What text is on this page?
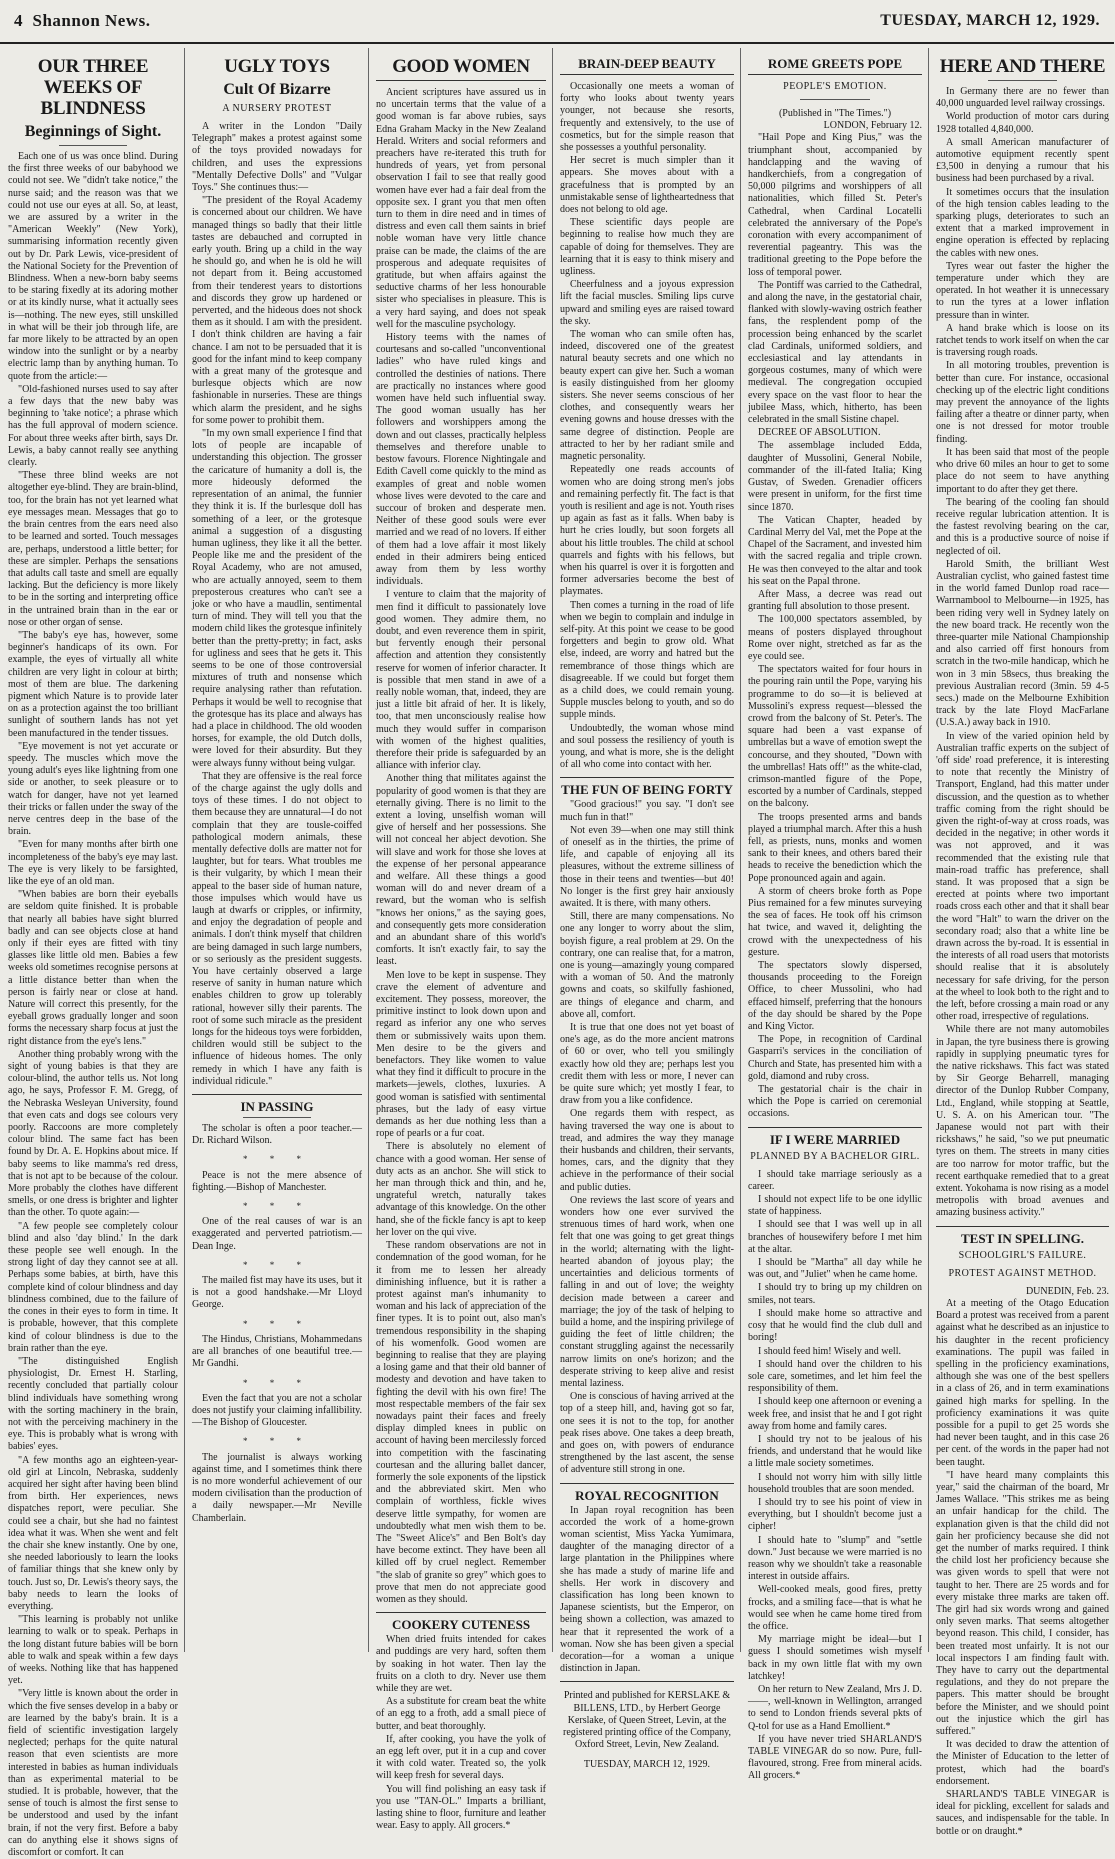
4 Shannon News.	TUESDAY, MARCH 12, 1929.
OUR THREE WEEKS OF BLINDNESS
Beginnings of Sight.

Each one of us was once blind. During the first three weeks of our babyhood we could not see. We "didn't take notice," the nurse said; and the reason was that we could not use our eyes at all. So, at least, we are assured by a writer in the "American Weekly" (New York), summarising information recently given out by Dr. Park Lewis, vice-president of the National Society for the Prevention of Blindness. When a new-born baby seems to be staring fixedly at its adoring mother or at its kindly nurse, what it actually sees is—nothing. The new eyes, still unskilled in what will be their job through life, are far more likely to be attracted by an open window into the sunlight or by a nearby electric lamp than by anything human. To quote from the article:—

"Old-fashioned nurses used to say after a few days that the new baby was beginning to 'take notice'; a phrase which has the full approval of modern science. For about three weeks after birth, says Dr. Lewis, a baby cannot really see anything clearly.

"These three blind weeks are not altogether eye-blind. They are brain-blind, too, for the brain has not yet learned what eye messages mean. Messages that go to the brain centres from the ears need also to be learned and sorted. Touch messages are, perhaps, understood a little better; for these are simpler. Perhaps the sensations that adults call taste and smell are equally lacking. But the deficiency is more likely to be in the sorting and interpreting office in the untrained brain than in the ear or nose or other organ of sense.

"The baby's eye has, however, some beginner's handicaps of its own. For example, the eyes of virtually all white children are very light in colour at birth; most of them are blue. The darkening pigment which Nature is to provide later on as a protection against the too brilliant sunlight of southern lands has not yet been manufactured in the tender tissues.

"Eye movement is not yet accurate or speedy. The muscles which move the young adult's eyes like lightning from one side or another, to seek pleasure or to watch for danger, have not yet learned their tricks or fallen under the sway of the nerve centres deep in the base of the brain.

"Even for many months after birth one incompleteness of the baby's eye may last. The eye is very likely to be farsighted, like the eye of an old man.

"When babies are born their eyeballs are seldom quite finished. It is probable that nearly all babies have sight blurred badly and can see objects close at hand only if their eyes are fitted with tiny glasses like little old men. Babies a few weeks old sometimes recognise persons at a little distance better than when the person is fairly near or close at hand. Nature will correct this presently, for the eyeball grows gradually longer and soon forms the necessary sharp focus at just the right distance from the eye's lens."

Another thing probably wrong with the sight of young babies is that they are colour-blind, the author tells us. Not long ago, he says, Professor F. M. Gregg, of the Nebraska Wesleyan University, found that even cats and dogs see colours very poorly. Raccoons are more completely colour blind. The same fact has been found by Dr. A. E. Hopkins about mice. If baby seems to like mamma's red dress, that is not apt to be because of the colour. More probably the clothes have different smells, or one dress is brighter and lighter than the other. To quote again:—

"A few people see completely colour blind and also 'day blind.' In the dark these people see well enough. In the strong light of day they cannot see at all. Perhaps some babies, at birth, have this complete kind of colour blindness and day blindness combined, due to the failure of the cones in their eyes to form in time. It is probable, however, that this complete kind of colour blindness is due to the brain rather than the eye.

"The distinguished English physiologist, Dr. Ernest H. Starling, recently concluded that partially colour blind individuals have something wrong with the sorting machinery in the brain, not with the perceiving machinery in the eye. This is probably what is wrong with babies' eyes.

"A few months ago an eighteen-year-old girl at Lincoln, Nebraska, suddenly acquired her sight after having been blind from birth. Her experiences, news dispatches report, were peculiar. She could see a chair, but she had no faintest idea what it was. When she went and felt the chair she knew instantly. One by one, she needed laboriously to learn the looks of familiar things that she knew only by touch. Just so, Dr. Lewis's theory says, the baby needs to learn the looks of everything.

"This learning is probably not unlike learning to walk or to speak. Perhaps in the long distant future babies will be born able to walk and speak within a few days of weeks. Nothing like that has happened yet.

"Very little is known about the order in which the five senses develop in a baby or are learned by the baby's brain. It is a field of scientific investigation largely neglected; perhaps for the quite natural reason that even scientists are more interested in babies as human individuals than as experimental material to be studied. It is probable, however, that the sense of touch is almost the first sense to be understood and used by the infant brain, if not the very first. Before a baby can do anything else it shows signs of discomfort or comfort. It can

UGLY TOYS
Cult Of Bizarre
A NURSERY PROTEST

A writer in the London "Daily Telegraph" makes a protest against some of the toys provided nowadays for children, and uses the expressions "Mentally Defective Dolls" and "Vulgar Toys." She continues thus:—

"The president of the Royal Academy is concerned about our children. We have managed things so badly that their little tastes are debauched and corrupted in early youth. Bring up a child in the way he should go, and when he is old he will not depart from it. Being accustomed from their tenderest years to distortions and discords they grow up hardened or perverted, and the hideous does not shock them as it should. I am with the president. I don't think children are having a fair chance. I am not to be persuaded that it is good for the infant mind to keep company with a great many of the grotesque and burlesque objects which are now fashionable in nurseries. These are things which alarm the president, and he sighs for some power to prohibit them.

"In my own small experience I find that lots of people are incapable of understanding this objection. The grosser the caricature of humanity a doll is, the more hideously deformed the representation of an animal, the funnier they think it is. If the burlesque doll has something of a leer, or the grotesque animal a suggestion of a disgusting human ugliness, they like it all the better. People like me and the president of the Royal Academy, who are not amused, who are actually annoyed, seem to them preposterous creatures who can't see a joke or who have a maudlin, sentimental turn of mind. They will tell you that the modern child likes the grotesque infinitely better than the pretty-pretty; in fact, asks for ugliness and sees that he gets it. This seems to be one of those controversial mixtures of truth and nonsense which require analysing rather than refutation. Perhaps it would be well to recognise that the grotesque has its place and always has had a place in childhood. The old wooden horses, for example, the old Dutch dolls, were loved for their absurdity. But they were always funny without being vulgar.

That they are offensive is the real force of the charge against the ugly dolls and toys of these times. I do not object to them because they are unnatural—I do not complain that they are tousle-coiffed pathological modern animals, these mentally defective dolls are matter not for laughter, but for tears. What troubles me is their vulgarity, by which I mean their appeal to the baser side of human nature, those impulses which would have us laugh at dwarfs or cripples, or infirmity, and enjoy the degradation of people and animals. I don't think myself that children are being damaged in such large numbers, or so seriously as the president suggests. You have certainly observed a large reserve of sanity in human nature which enables children to grow up tolerably rational, however silly their parents. The root of some such miracle as the president longs for the hideous toys were forbidden, children would still be subject to the influence of hideous homes. The only remedy in which I have any faith is individual ridicule."

IN PASSING

The scholar is often a poor teacher.—Dr. Richard Wilson.

* * *

Peace is not the mere absence of fighting.—Bishop of Manchester.

* * *

One of the real causes of war is an exaggerated and perverted patriotism.—Dean Inge.

* * *

The mailed fist may have its uses, but it is not a good handshake.—Mr Lloyd George.

* * *

The Hindus, Christians, Mohammedans are all branches of one beautiful tree.—Mr Gandhi.

* * *

Even the fact that you are not a scholar does not justify your claiming infallibility.—The Bishop of Gloucester.

* * *

The journalist is always working against time, and I sometimes think there is no more wonderful achievement of our modern civilisation than the production of a daily newspaper.—Mr Neville Chamberlain.

GOOD WOMEN

Ancient scriptures have assured us in no uncertain terms that the value of a good woman is far above rubies, says Edna Graham Macky in the New Zealand Herald. Writers and social reformers and preachers have re-iterated this truth for hundreds of years, yet from personal observation I fail to see that really good women have ever had a fair deal from the opposite sex. I grant you that men often turn to them in dire need and in times of distress and even call them saints in brief noble woman have very little chance praise can be made, the claims of the are prosperous and adequate requisites of gratitude, but when affairs against the seductive charms of her less honourable sister who specialises in pleasure. This is a very hard saying, and does not speak well for the masculine psychology.

History teems with the names of courtesans and so-called "unconventional ladies" who have ruled kings and controlled the destinies of nations. There are practically no instances where good women have held such influential sway. The good woman usually has her followers and worshippers among the down and out classes, practically helpless themselves and therefore unable to bestow favours. Florence Nightingale and Edith Cavell come quickly to the mind as examples of great and noble women whose lives were devoted to the care and succour of broken and desperate men. Neither of these good souls were ever married and we read of no lovers. If either of them had a love affair it most likely ended in their admirers being enticed away from them by less worthy individuals.

I venture to claim that the majority of men find it difficult to passionately love good women. They admire them, no doubt, and even reverence them in spirit, but fervently enough their personal affection and attention they consistently reserve for women of inferior character. It is possible that men stand in awe of a really noble woman, that, indeed, they are just a little bit afraid of her. It is likely, too, that men unconsciously realise how much they would suffer in comparison with women of the highest qualities, therefore their pride is safeguarded by an alliance with inferior clay.

Another thing that militates against the popularity of good women is that they are eternally giving. There is no limit to the extent a loving, unselfish woman will give of herself and her possessions. She will not conceal her abject devotion. She will slave and work for those she loves at the expense of her personal appearance and welfare. All these things a good woman will do and never dream of a reward, but the woman who is selfish "knows her onions," as the saying goes, and consequently gets more consideration and an abundant share of this world's comforts. It isn't exactly fair, to say the least.

Men love to be kept in suspense. They crave the element of adventure and excitement. They possess, moreover, the primitive instinct to look down upon and regard as inferior any one who serves them or submissively waits upon them. Men desire to be the givers and benefactors. They like women to value what they find it difficult to procure in the markets—jewels, clothes, luxuries. A good woman is satisfied with sentimental phrases, but the lady of easy virtue demands as her due nothing less than a rope of pearls or a fur coat.

There is absolutely no element of chance with a good woman. Her sense of duty acts as an anchor. She will stick to her man through thick and thin, and he, ungrateful wretch, naturally takes advantage of this knowledge. On the other hand, she of the fickle fancy is apt to keep her lover on the qui vive.

These random observations are not in condemnation of the good woman, for he it from me to lessen her already diminishing influence, but it is rather a protest against man's inhumanity to woman and his lack of appreciation of the finer types. It is to point out, also man's tremendous responsibility in the shaping of his womenfolk. Good women are beginning to realise that they are playing a losing game and that their old banner of modesty and devotion and have taken to fighting the devil with his own fire! The most respectable members of the fair sex nowadays paint their faces and freely display dimpled knees in public on account of having been mercilessly forced into competition with the fascinating courtesan and the alluring ballet dancer, formerly the sole exponents of the lipstick and the abbreviated skirt. Men who complain of worthless, fickle wives deserve little sympathy, for women are undoubtedly what men wish them to be. The "Sweet Alice's" and Ben Bolt's day have become extinct. They have been all killed off by cruel neglect. Remember "the slab of granite so grey" which goes to prove that men do not appreciate good women as they should.

COOKERY CUTENESS

When dried fruits intended for cakes and puddings are very hard, soften them by soaking in hot water. Then lay the fruits on a cloth to dry. Never use them while they are wet.

As a substitute for cream beat the white of an egg to a froth, add a small piece of butter, and beat thoroughly.

If, after cooking, you have the yolk of an egg left over, put it in a cup and cover it with cold water. Treated so, the yolk will keep fresh for several days.

You will find polishing an easy task if you use "TAN-OL." Imparts a brilliant, lasting shine to floor, furniture and leather wear. Easy to apply. All grocers.*

BRAIN-DEEP BEAUTY

Occasionally one meets a woman of forty who looks about twenty years younger, not because she resorts, frequently and extensively, to the use of cosmetics, but for the simple reason that she possesses a youthful personality.

Her secret is much simpler than it appears. She moves about with a gracefulness that is prompted by an unmistakable sense of lightheartedness that does not belong to old age.

These scientific days people are beginning to realise how much they are capable of doing for themselves. They are learning that it is easy to think misery and ugliness.

Cheerfulness and a joyous expression lift the facial muscles. Smiling lips curve upward and smiling eyes are raised toward the sky.

The woman who can smile often has, indeed, discovered one of the greatest natural beauty secrets and one which no beauty expert can give her. Such a woman is easily distinguished from her gloomy sisters. She never seems conscious of her clothes, and consequently wears her evening gowns and house dresses with the same degree of distinction. People are attracted to her by her radiant smile and magnetic personality.

Repeatedly one reads accounts of women who are doing strong men's jobs and remaining perfectly fit. The fact is that youth is resilient and age is not. Youth rises up again as fast as it falls. When baby is hurt he cries loudly, but soon forgets all about his little troubles. The child at school quarrels and fights with his fellows, but when his quarrel is over it is forgotten and former adversaries become the best of playmates.

Then comes a turning in the road of life when we begin to complain and indulge in self-pity. At this point we cease to be good forgetters and begin to grow old. What else, indeed, are worry and hatred but the remembrance of those things which are disagreeable. If we could but forget them as a child does, we could remain young. Supple muscles belong to youth, and so do supple minds.

Undoubtedly, the woman whose mind and soul possess the resiliency of youth is young, and what is more, she is the delight of all who come into contact with her.

THE FUN OF BEING FORTY

"Good gracious!" you say. "I don't see much fun in that!"

Not even 39—when one may still think of oneself as in the thirties, the prime of life, and capable of enjoying all its pleasures, without the extreme silliness of those in their teens and twenties—but 40! No longer is the first grey hair anxiously awaited. It is there, with many others.

Still, there are many compensations. No one any longer to worry about the slim, boyish figure, a real problem at 29. On the contrary, one can realise that, for a matron, one is young—amazingly young compared with a woman of 50. And the matronly gowns and coats, so skilfully fashioned, are things of elegance and charm, and above all, comfort.

It is true that one does not yet boast of one's age, as do the more ancient matrons of 60 or over, who tell you smilingly exactly how old they are; perhaps lest you credit them with less or more, I never can be quite sure which; yet mostly I fear, to draw from you a like confidence.

One regards them with respect, as having traversed the way one is about to tread, and admires the way they manage their husbands and children, their servants, homes, cars, and the dignity that they achieve in the performance of their social and public duties.

One reviews the last score of years and wonders how one ever survived the strenuous times of hard work, when one felt that one was going to get great things in the world; alternating with the light-hearted abandon of joyous play; the uncertainties and delicious torments of falling in and out of love; the weighty decision made between a career and marriage; the joy of the task of helping to build a home, and the inspiring privilege of guiding the feet of little children; the constant struggling against the necessarily narrow limits on one's horizon; and the desperate striving to keep alive and resist mental laziness.

One is conscious of having arrived at the top of a steep hill, and, having got so far, one sees it is not to the top, for another peak rises above. One takes a deep breath, and goes on, with powers of endurance strengthened by the last ascent, the sense of adventure still strong in one.

ROYAL RECOGNITION

In Japan royal recognition has been accorded the work of a home-grown woman scientist, Miss Yacka Yumimara, daughter of the managing director of a large plantation in the Philippines where she has made a study of marine life and shells. Her work in discovery and classification has long been known to Japanese scientists, but the Emperor, on being shown a collection, was amazed to hear that it represented the work of a woman. Now she has been given a special decoration—for a woman a unique distinction in Japan.

Printed and published for KERSLAKE & BILLENS, LTD., by Herbert George Kerslake, of Queen Street, Levin, at the registered printing office of the Company, Oxford Street, Levin, New Zealand.

TUESDAY, MARCH 12, 1929.

ROME GREETS POPE
PEOPLE'S EMOTION.

(Published in "The Times.")

LONDON, February 12.

"Hail Pope and King Pius," was the triumphant shout, accompanied by handclapping and the waving of handkerchiefs, from a congregation of 50,000 pilgrims and worshippers of all nationalities, which filled St. Peter's Cathedral, when Cardinal Locatelli celebrated the anniversary of the Pope's coronation with every accompaniment of reverential pageantry. This was the traditional greeting to the Pope before the loss of temporal power.

The Pontiff was carried to the Cathedral, and along the nave, in the gestatorial chair, flanked with slowly-waving ostrich feather fans, the resplendent pomp of the procession being enhanced by the scarlet clad Cardinals, uniformed soldiers, and ecclesiastical and lay attendants in gorgeous costumes, many of which were medieval. The congregation occupied every space on the vast floor to hear the jubilee Mass, which, hitherto, has been celebrated in the small Sistine chapel.

DECREE OF ABSOLUTION.

The assemblage included Edda, daughter of Mussolini, General Nobile, commander of the ill-fated Italia; King Gustav, of Sweden. Grenadier officers were present in uniform, for the first time since 1870.

The Vatican Chapter, headed by Cardinal Merry del Val, met the Pope at the Chapel of the Sacrament, and invested him with the sacred regalia and triple crown. He was then conveyed to the altar and took his seat on the Papal throne.

After Mass, a decree was read out granting full absolution to those present.

The 100,000 spectators assembled, by means of posters displayed throughout Rome over night, stretched as far as the eye could see.

The spectators waited for four hours in the pouring rain until the Pope, varying his programme to do so—it is believed at Mussolini's express request—blessed the crowd from the balcony of St. Peter's. The square had been a vast expanse of umbrellas but a wave of emotion swept the concourse, and they shouted, "Down with the umbrellas! Hats off!" as the white-clad, crimson-mantled figure of the Pope, escorted by a number of Cardinals, stepped on the balcony.

The troops presented arms and bands played a triumphal march. After this a hush fell, as priests, nuns, monks and women sank to their knees, and others bared their heads to receive the benediction which the Pope pronounced again and again.

A storm of cheers broke forth as Pope Pius remained for a few minutes surveying the sea of faces. He took off his crimson hat twice, and waved it, delighting the crowd with the unexpectedness of his gesture.

The spectators slowly dispersed, thousands proceeding to the Foreign Office, to cheer Mussolini, who had effaced himself, preferring that the honours of the day should be shared by the Pope and King Victor.

The Pope, in recognition of Cardinal Gasparri's services in the conciliation of Church and State, has presented him with a gold, diamond and ruby cross.

The gestatorial chair is the chair in which the Pope is carried on ceremonial occasions.

IF I WERE MARRIED
PLANNED BY A BACHELOR GIRL.

I should take marriage seriously as a career.

I should not expect life to be one idyllic state of happiness.

I should see that I was well up in all branches of housewifery before I met him at the altar.

I should be "Martha" all day while he was out, and "Juliet" when he came home.

I should try to bring up my children on smiles, not tears.

I should make home so attractive and cosy that he would find the club dull and boring!

I should feed him! Wisely and well.

I should hand over the children to his sole care, sometimes, and let him feel the responsibility of them.

I should keep one afternoon or evening a week free, and insist that he and I got right away from home and family cares.

I should try not to be jealous of his friends, and understand that he would like a little male society sometimes.

I should not worry him with silly little household troubles that are soon mended.

I should try to see his point of view in everything, but I shouldn't become just a cipher!

I should hate to "slump" and "settle down." Just because we were married is no reason why we shouldn't take a reasonable interest in outside affairs.

Well-cooked meals, good fires, pretty frocks, and a smiling face—that is what he would see when he came home tired from the office.

My marriage might be ideal—but I guess I should sometimes wish myself back in my own little flat with my own latchkey!

On her return to New Zealand, Mrs J. D. ——, well-known in Wellington, arranged to send to London friends several pkts of Q-tol for use as a Hand Emollient.*

If you have never tried SHARLAND'S TABLE VINEGAR do so now. Pure, full-flavoured, strong. Free from mineral acids. All grocers.*

HERE AND THERE

In Germany there are no fewer than 40,000 unguarded level railway crossings.

World production of motor cars during 1928 totalled 4,840,000.

A small American manufacturer of automotive equipment recently spent £3,500 in denying a rumour that his business had been purchased by a rival.

It sometimes occurs that the insulation of the high tension cables leading to the sparking plugs, deteriorates to such an extent that a marked improvement in engine operation is effected by replacing the cables with new ones.

Tyres wear out faster the higher the temperature under which they are operated. In hot weather it is unnecessary to run the tyres at a lower inflation pressure than in winter.

A hand brake which is loose on its ratchet tends to work itself on when the car is traversing rough roads.

In all motoring troubles, prevention is better than cure. For instance, occasional checking up of the electric light conditions may prevent the annoyance of the lights failing after a theatre or dinner party, when one is not dressed for motor trouble finding.

It has been said that most of the people who drive 60 miles an hour to get to some place do not seem to have anything important to do after they get there.

The bearing of the cooling fan should receive regular lubrication attention. It is the fastest revolving bearing on the car, and this is a productive source of noise if neglected of oil.

Harold Smith, the brilliant West Australian cyclist, who gained fastest time in the world famed Dunlop road race—Warrnambool to Melbourne—in 1925, has been riding very well in Sydney lately on the new board track. He recently won the three-quarter mile National Championship and also carried off first honours from scratch in the two-mile handicap, which he won in 3 min 58secs, thus breaking the previous Australian record (3min. 59 4-5 secs.) made on the Melbourne Exhibition track by the late Floyd MacFarlane (U.S.A.) away back in 1910.

In view of the varied opinion held by Australian traffic experts on the subject of 'off side' road preference, it is interesting to note that recently the Ministry of Transport, England, had this matter under discussion, and the question as to whether traffic coming from the right should be given the right-of-way at cross roads, was decided in the negative; in other words it was not approved, and it was recommended that the existing rule that main-road traffic has preference, shall stand. It was proposed that a sign be erected at points where two important roads cross each other and that it shall bear the word "Halt" to warn the driver on the secondary road; also that a white line be drawn across the by-road. It is essential in the interests of all road users that motorists should realise that it is absolutely necessary for safe driving, for the person at the wheel to look both to the right and to the left, before crossing a main road or any other road, irrespective of regulations.

While there are not many automobiles in Japan, the tyre business there is growing rapidly in supplying pneumatic tyres for the native rickshaws. This fact was stated by Sir George Beharrell, managing director of the Dunlop Rubber Company, Ltd., England, while stopping at Seattle, U. S. A. on his American tour. "The Japanese would not part with their rickshaws," he said, "so we put pneumatic tyres on them. The streets in many cities are too narrow for motor traffic, but the recent earthquake remedied that to a great extent. Yokohama is now rising as a model metropolis with broad avenues and amazing business activity."

TEST IN SPELLING.
SCHOOLGIRL'S FAILURE.
PROTEST AGAINST METHOD.

DUNEDIN, Feb. 23.

At a meeting of the Otago Education Board a protest was received from a parent against what he described as an injustice to his daughter in the recent proficiency examinations. The pupil was failed in spelling in the proficiency examinations, although she was one of the best spellers in a class of 26, and in term examinations gained high marks for spelling. In the proficiency examinations it was quite possible for a pupil to get 25 words she had never been taught, and in this case 26 per cent. of the words in the paper had not been taught.

"I have heard many complaints this year," said the chairman of the board, Mr James Wallace. "This strikes me as being an unfair handicap for the child. The explanation given is that the child did not gain her proficiency because she did not get the number of marks required. I think the child lost her proficiency because she was given words to spell that were not taught to her. There are 25 words and for every mistake three marks are taken off. The girl had six words wrong and gained only seven marks. That seems altogether beyond reason. This child, I consider, has been treated most unfairly. It is not our local inspectors I am finding fault with. They have to carry out the departmental regulations, and they do not prepare the papers. This matter should be brought before the Minister, and we should point out the injustice which the girl has suffered."

It was decided to draw the attention of the Minister of Education to the letter of protest, which had the board's endorsement.

SHARLAND'S TABLE VINEGAR is ideal for pickling, excellent for salads and sauces, and indispensable for the table. In bottle or on draught.*
